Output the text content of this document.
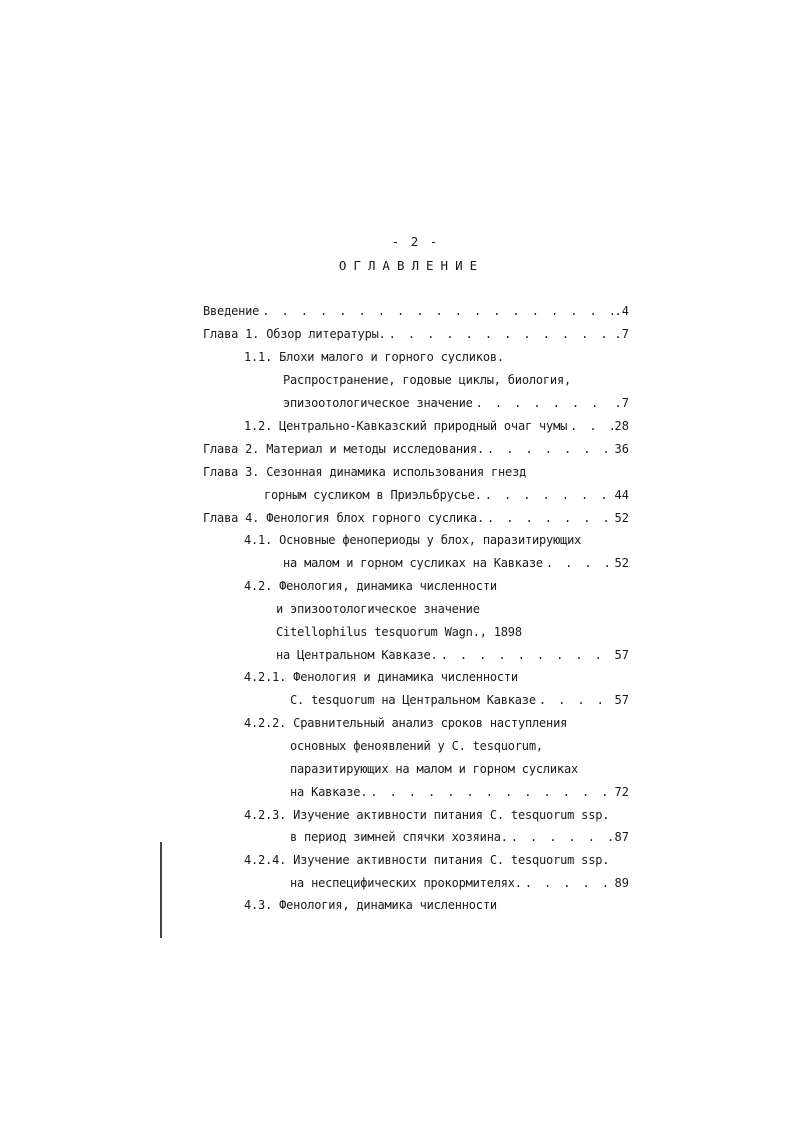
- 2 -
ОГЛАВЛЕНИЕ
Введение . . .	.4
Глава 1. Обзор литературы. . . .	.7
1.1. Блохи малого и горного сусликов.
Распространение, годовые циклы, биология,
эпизоотологическое значение . . .	.7
1.2. Центрально-Кавказский природный очаг чумы . . .	28
Глава 2. Материал и методы исследования. . . .	36
Глава 3. Сезонная динамика использования гнезд
горным сусликом в Приэльбрусье. . . .	44
Глава 4. Фенология блох горного суслика. . . .	52
4.1. Основные фенопериоды у блох, паразитирующих
на малом и горном сусликах на Кавказе . . .	52
4.2. Фенология, динамика численности
и эпизоотологическое значение
Citellophilus tesquorum Wagn., 1898
на Центральном Кавказе. . . .	57
4.2.1. Фенология и динамика численности
C. tesquorum на Центральном Кавказе . . .	57
4.2.2. Сравнительный анализ сроков наступления
основных феноявлений у C. tesquorum,
паразитирующих на малом и горном сусликах
на Кавказе. . . .	72
4.2.3. Изучение активности питания C. tesquorum ssp.
в период зимней спячки хозяина. . . .	87
4.2.4. Изучение активности питания C. tesquorum ssp.
на неспецифических прокормителях. . . .	89
4.3. Фенология, динамика численности
